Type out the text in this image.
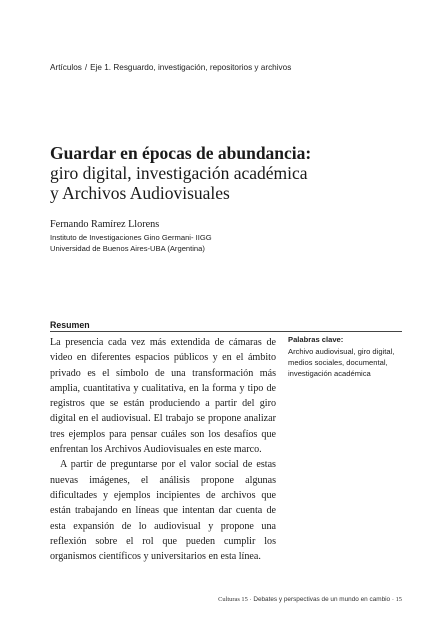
Artículos / Eje 1. Resguardo, investigación, repositorios y archivos
Guardar en épocas de abundancia:
giro digital, investigación académica
y Archivos Audiovisuales
Fernando Ramírez Llorens
Instituto de Investigaciones Gino Germani- IIGG
Universidad de Buenos Aires-UBA (Argentina)
Resumen

La presencia cada vez más extendida de cámaras de video en diferentes espacios públicos y en el ámbito privado es el símbolo de una transformación más amplia, cuantitativa y cualitativa, en la forma y tipo de registros que se están produciendo a partir del giro digital en el audiovisual. El trabajo se propone analizar tres ejemplos para pensar cuáles son los desafíos que enfrentan los Archivos Audiovisuales en este marco.

A partir de preguntarse por el valor social de estas nuevas imágenes, el análisis propone algunas dificultades y ejemplos incipientes de archivos que están trabajando en líneas que intentan dar cuenta de esta expansión de lo audiovisual y propone una reflexión sobre el rol que pueden cumplir los organismos científicos y universitarios en esta línea.

Palabras clave:
Archivo audiovisual, giro digital, medios sociales, documental, investigación académica
Culturas 15 · Debates y perspectivas de un mundo en cambio · 15
